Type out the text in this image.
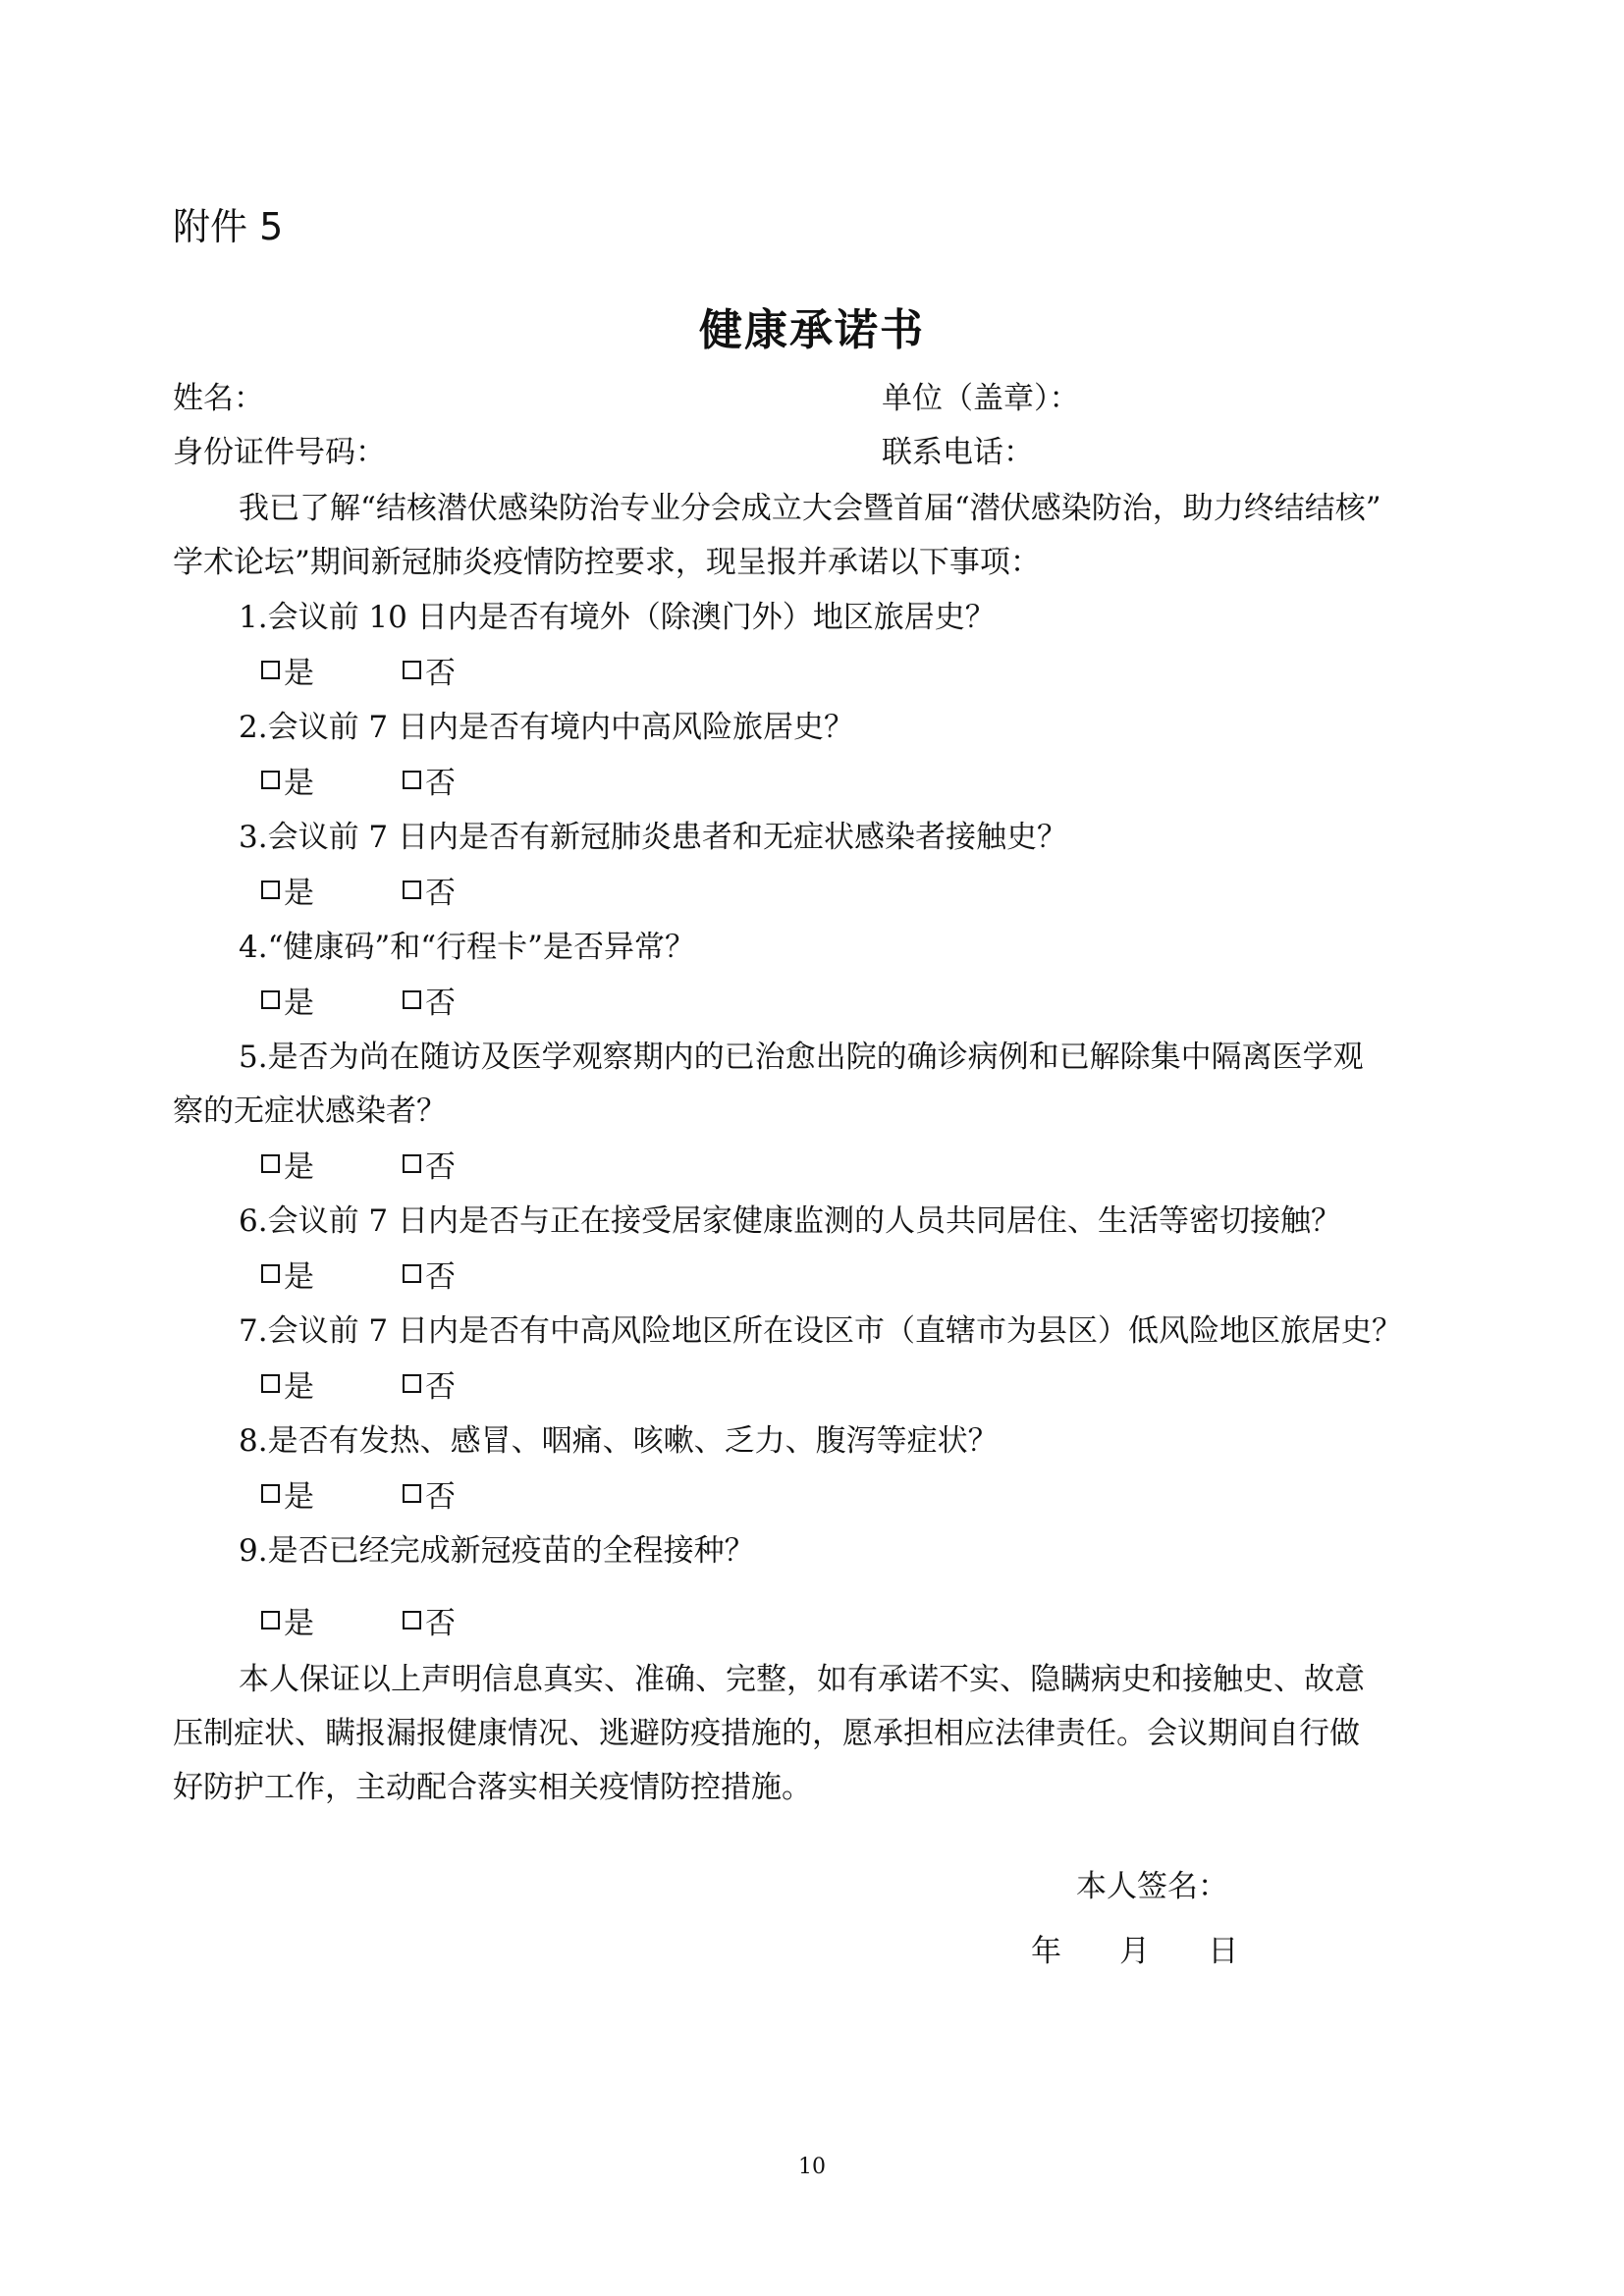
附件 5
健康承诺书
姓名：	单位（盖章）：
身份证件号码：	联系电话：
我已了解“结核潜伏感染防治专业分会成立大会暨首届“潜伏感染防治，助力终结结核”
学术论坛”期间新冠肺炎疫情防控要求，现呈报并承诺以下事项：
1.会议前 10 日内是否有境外（除澳门外）地区旅居史？
是	否
2.会议前 7 日内是否有境内中高风险旅居史？
是	否
3.会议前 7 日内是否有新冠肺炎患者和无症状感染者接触史？
是	否
4.“健康码”和“行程卡”是否异常？
是	否
5.是否为尚在随访及医学观察期内的已治愈出院的确诊病例和已解除集中隔离医学观
察的无症状感染者？
是	否
6.会议前 7 日内是否与正在接受居家健康监测的人员共同居住、生活等密切接触？
是	否
7.会议前 7 日内是否有中高风险地区所在设区市（直辖市为县区）低风险地区旅居史？
是	否
8.是否有发热、感冒、咽痛、咳嗽、乏力、腹泻等症状？
是	否
9.是否已经完成新冠疫苗的全程接种？
是	否
本人保证以上声明信息真实、准确、完整，如有承诺不实、隐瞒病史和接触史、故意
压制症状、瞒报漏报健康情况、逃避防疫措施的，愿承担相应法律责任。会议期间自行做
好防护工作，主动配合落实相关疫情防控措施。
本人签名：
年      月      日
10
